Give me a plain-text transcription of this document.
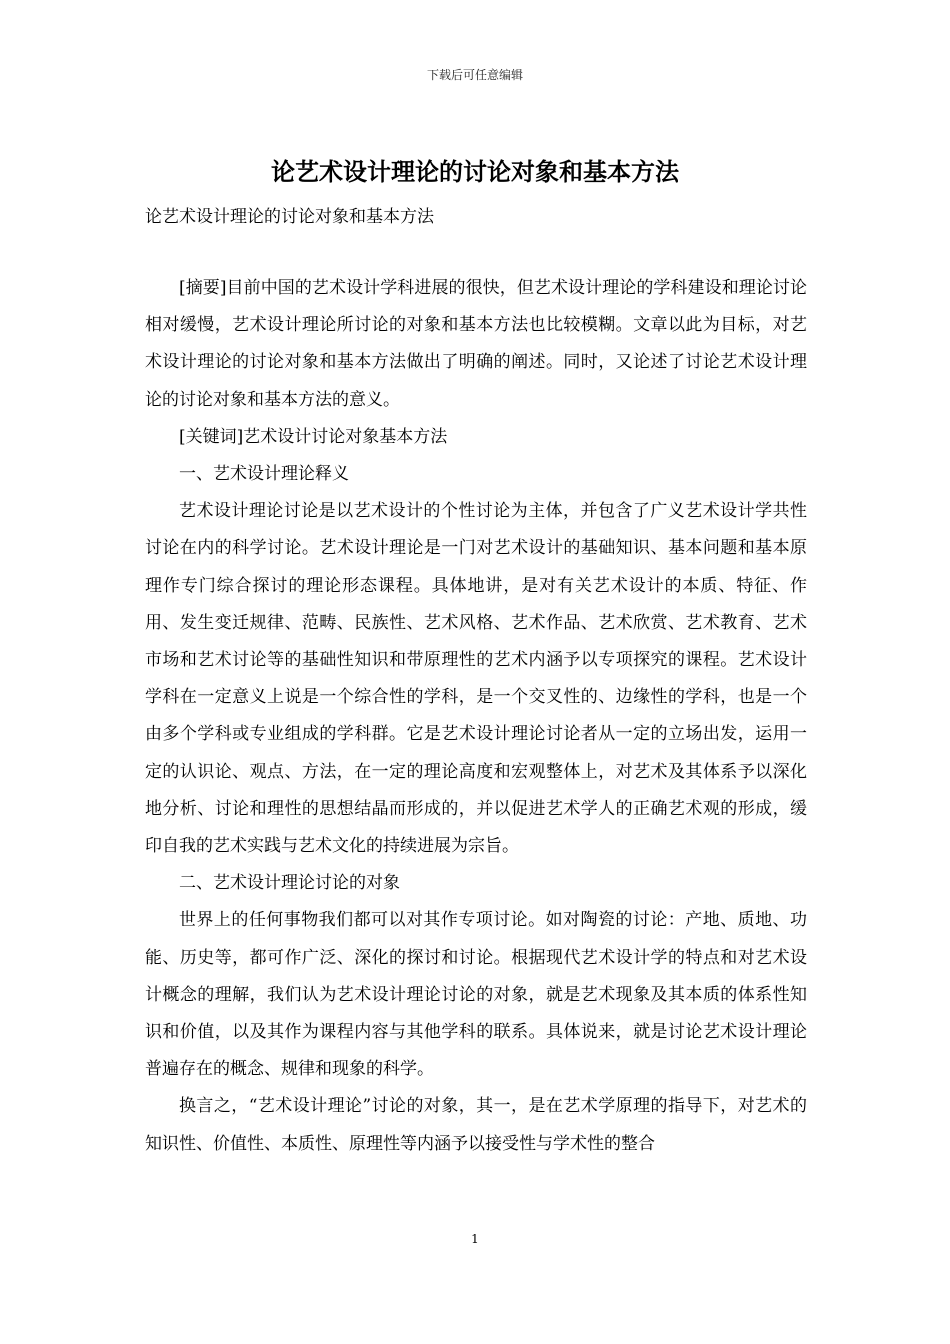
下载后可任意编辑
论艺术设计理论的讨论对象和基本方法
论艺术设计理论的讨论对象和基本方法

[摘要]目前中国的艺术设计学科进展的很快，但艺术设计理论的学科建设和理论讨论相对缓慢，艺术设计理论所讨论的对象和基本方法也比较模糊。文章以此为目标，对艺术设计理论的讨论对象和基本方法做出了明确的阐述。同时，又论述了讨论艺术设计理论的讨论对象和基本方法的意义。

[关键词]艺术设计讨论对象基本方法

一、艺术设计理论释义

艺术设计理论讨论是以艺术设计的个性讨论为主体，并包含了广义艺术设计学共性讨论在内的科学讨论。艺术设计理论是一门对艺术设计的基础知识、基本问题和基本原理作专门综合探讨的理论形态课程。具体地讲，是对有关艺术设计的本质、特征、作用、发生变迁规律、范畴、民族性、艺术风格、艺术作品、艺术欣赏、艺术教育、艺术市场和艺术讨论等的基础性知识和带原理性的艺术内涵予以专项探究的课程。艺术设计学科在一定意义上说是一个综合性的学科，是一个交叉性的、边缘性的学科，也是一个由多个学科或专业组成的学科群。它是艺术设计理论讨论者从一定的立场出发，运用一定的认识论、观点、方法，在一定的理论高度和宏观整体上，对艺术及其体系予以深化地分析、讨论和理性的思想结晶而形成的，并以促进艺术学人的正确艺术观的形成，缓印自我的艺术实践与艺术文化的持续进展为宗旨。

二、艺术设计理论讨论的对象

世界上的任何事物我们都可以对其作专项讨论。如对陶瓷的讨论：产地、质地、功能、历史等，都可作广泛、深化的探讨和讨论。根据现代艺术设计学的特点和对艺术设计概念的理解，我们认为艺术设计理论讨论的对象，就是艺术现象及其本质的体系性知识和价值，以及其作为课程内容与其他学科的联系。具体说来，就是讨论艺术设计理论普遍存在的概念、规律和现象的科学。

换言之，“艺术设计理论”讨论的对象，其一，是在艺术学原理的指导下，对艺术的知识性、价值性、本质性、原理性等内涵予以接受性与学术性的整合

1
